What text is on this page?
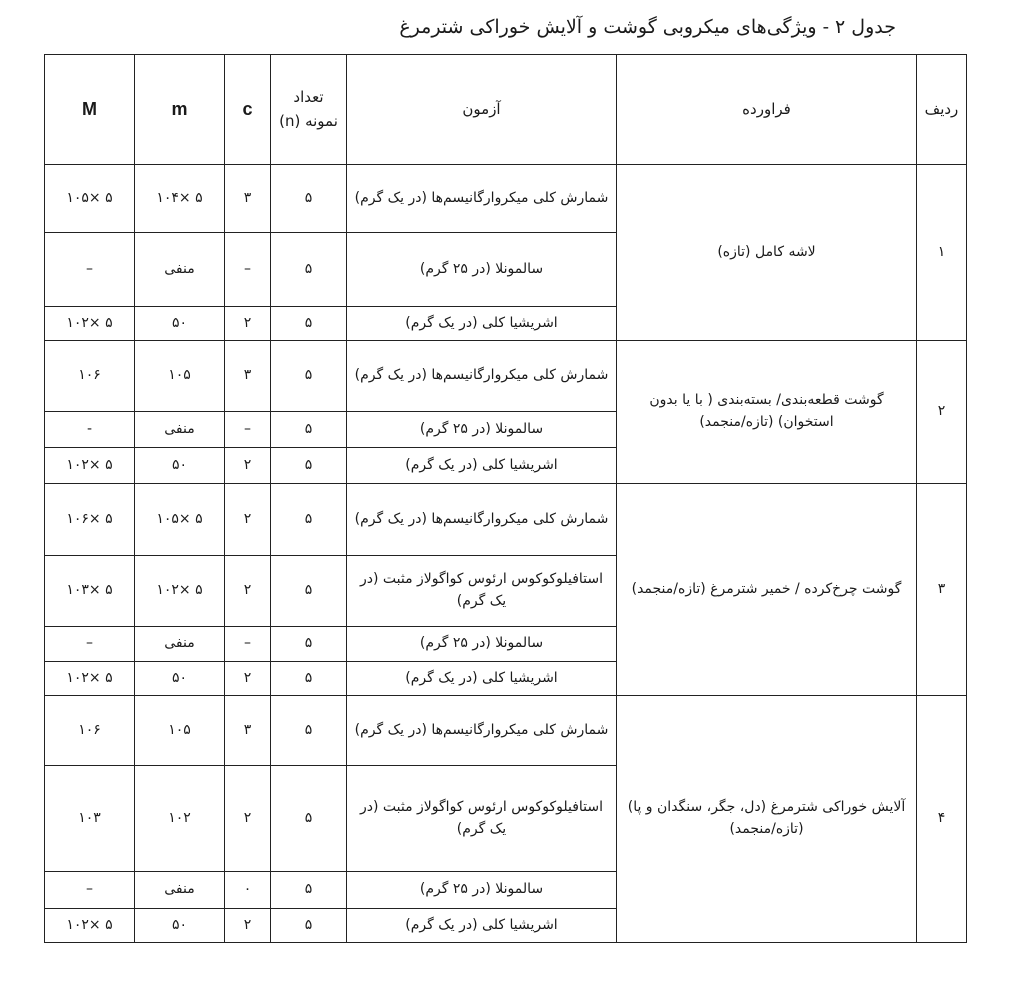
جدول ۲ - ویژگی‌های میکروبی گوشت و آلایش خوراکی شترمرغ
ردیف	فراورده	آزمون	تعداد نمونه (n)	c	m	M
۱	لاشه کامل (تازه)	شمارش کلی میکروارگانیسم‌ها (در یک گرم)	۵	۳	۵ ×۱۰۴	۵ ×۱۰۵
		سالمونلا (در ۲۵ گرم)	۵	–	منفی	–
		اشریشیا کلی (در یک گرم)	۵	۲	۵۰	۵ ×۱۰۲
۲	گوشت قطعه‌بندی/ بسته‌بندی ( با یا بدون استخوان) (تازه/منجمد)	شمارش کلی میکروارگانیسم‌ها (در یک گرم)	۵	۳	۱۰۵	۱۰۶
		سالمونلا (در ۲۵ گرم)	۵	–	منفی	-
		اشریشیا کلی (در یک گرم)	۵	۲	۵۰	۵ ×۱۰۲
۳	گوشت چرخ‌کرده / خمیر شترمرغ (تازه/منجمد)	شمارش کلی میکروارگانیسم‌ها (در یک گرم)	۵	۲	۵ ×۱۰۵	۵ ×۱۰۶
		استافیلوکوکوس ارئوس کواگولاز مثبت (در یک گرم)	۵	۲	۵ ×۱۰۲	۵ ×۱۰۳
		سالمونلا (در ۲۵ گرم)	۵	–	منفی	–
		اشریشیا کلی (در یک گرم)	۵	۲	۵۰	۵ ×۱۰۲
۴	آلایش خوراکی شترمرغ (دل، جگر، سنگدان و پا) (تازه/منجمد)	شمارش کلی میکروارگانیسم‌ها (در یک گرم)	۵	۳	۱۰۵	۱۰۶
		استافیلوکوکوس ارئوس کواگولاز مثبت (در یک گرم)	۵	۲	۱۰۲	۱۰۳
		سالمونلا (در ۲۵ گرم)	۵	۰	منفی	–
		اشریشیا کلی (در یک گرم)	۵	۲	۵۰	۵ ×۱۰۲
